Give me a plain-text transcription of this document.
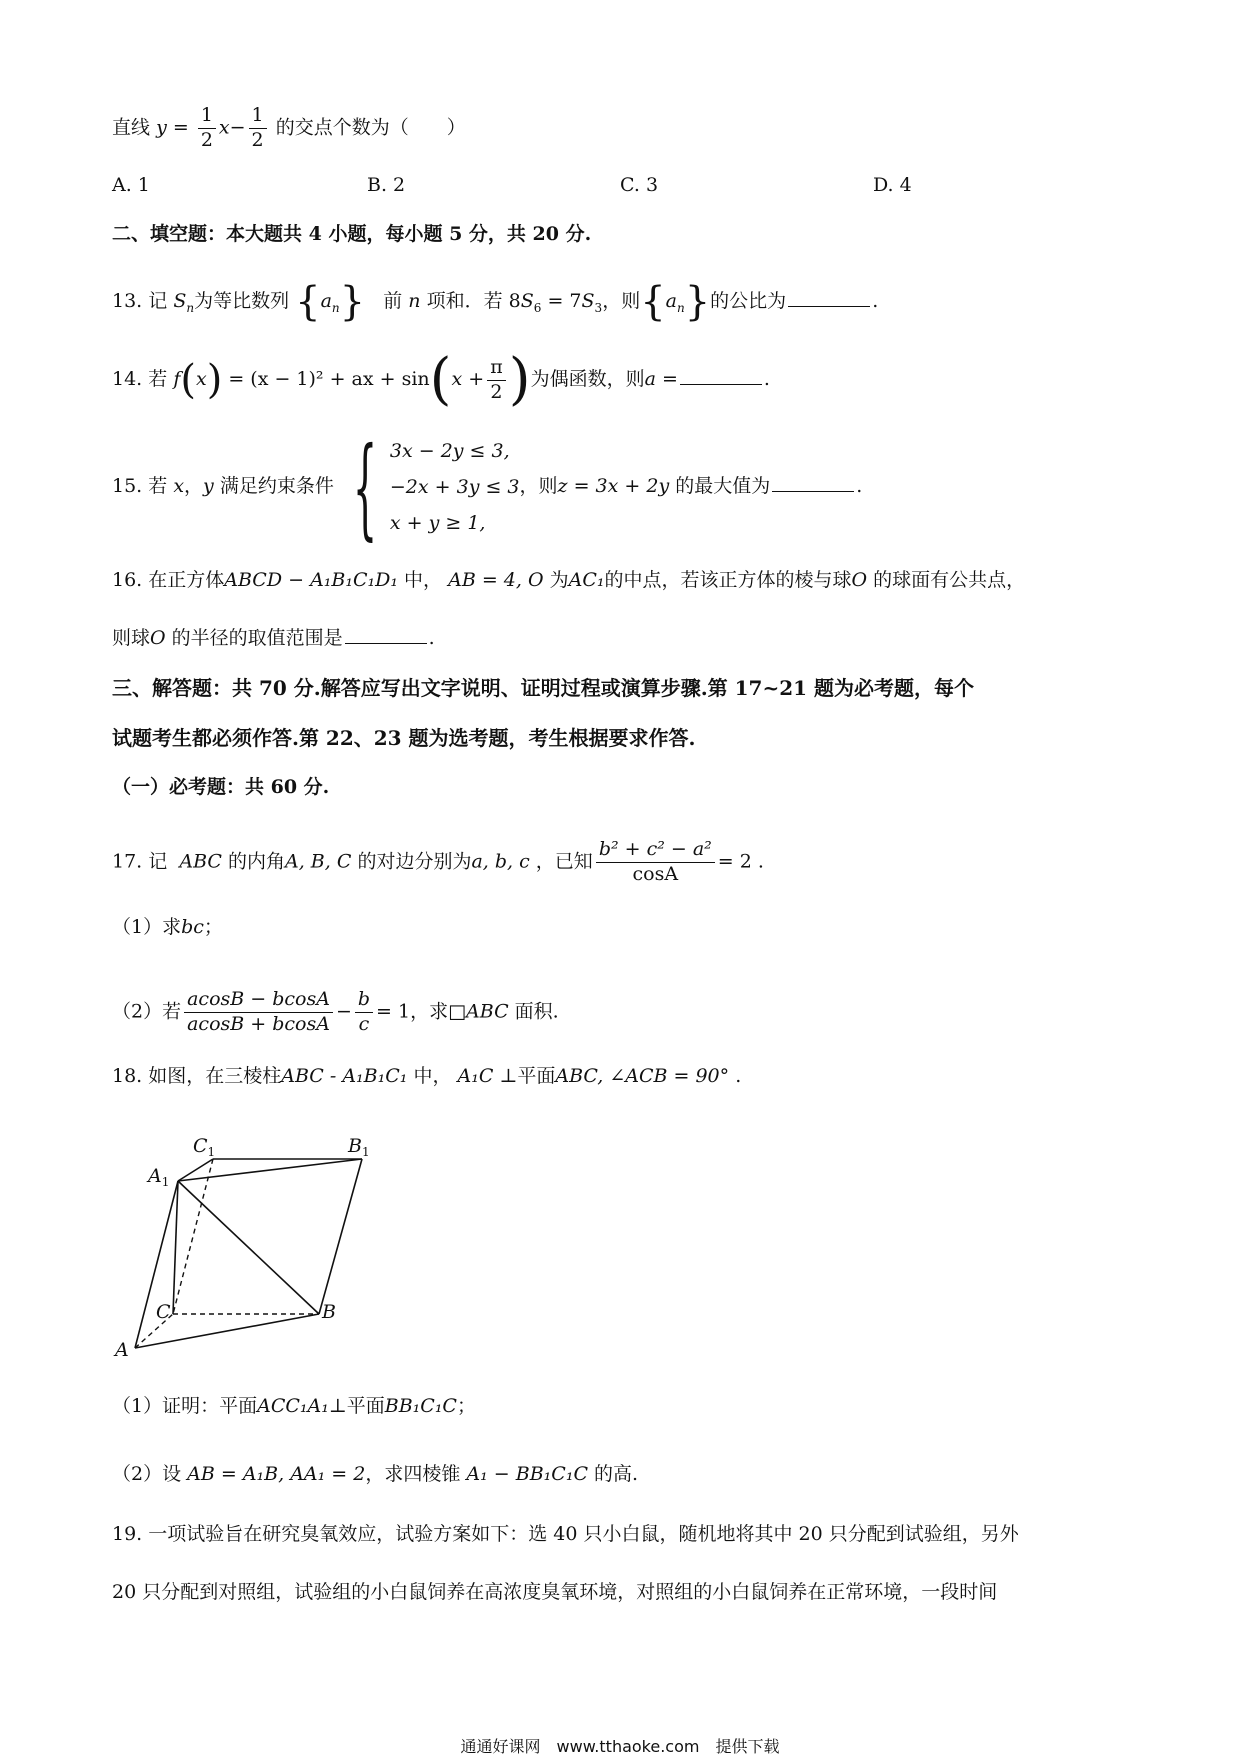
直线 $y = \frac{1}{2} x- \frac{1}{2}$ 的交点个数为（　　）
A. 1	B. 2	C. 3	D. 4
二、填空题：本大题共 4 小题，每小题 5 分，共 20 分.
13. 记 $S_n$为等比数列 $\{a_n\}$ 前 n 项和．若 $8S_6 = 7S_3$，则$\{a_n\}$的公比为	.
14. 若 f(x) = (x − 1)² + ax + $\sin(x + \frac{\pi}{2}$ )为偶函数，则a =	.
15. 若 x，y 满足约束条件 { 3x − 2y ≤ 3,
−2x + 3y ≤ 3
x + y ≥ 1,
，则z = 3x + 2y 的最大值为	.
16. 在正方体ABCD − A₁B₁C₁D₁ 中， AB = 4, O 为AC₁的中点，若该正方体的棱与球O 的球面有公共点，
则球O 的半径的取值范围是	.
三、解答题：共 70 分.解答应写出文字说明、证明过程或演算步骤.第 17~21 题为必考题，每个
试题考生都必须作答.第 22、23 题为选考题，考生根据要求作答.
（一）必考题：共 60 分.
17. 记 ABC 的内角A, B, C 的对边分别为a, b, c ，已知 $\frac{\text{b² + c² − a²}}{\cos A} = 2$ .
（1）求bc；
（2）若 $\frac{acosB - bcosA}{acosB + bcosA} - \frac{b}{c} = 1$，求□ABC 面积.
18. 如图，在三棱柱ABC - A₁B₁C₁ 中， A₁C ⊥平面ABC, ∠ACB = 90° .
$C_1$	$B_1$
$A_1$
C	B
A
（1）证明：平面ACC₁A₁⊥平面BB₁C₁C；
（2）设 AB = A₁B, AA₁ = 2，求四棱锥 A₁ − BB₁C₁C 的高.
19. 一项试验旨在研究臭氧效应，试验方案如下：选 40 只小白鼠，随机地将其中 20 只分配到试验组，另外
20 只分配到对照组，试验组的小白鼠饲养在高浓度臭氧环境，对照组的小白鼠饲养在正常环境，一段时间
通通好课网　www.tthaoke.com　提供下载
